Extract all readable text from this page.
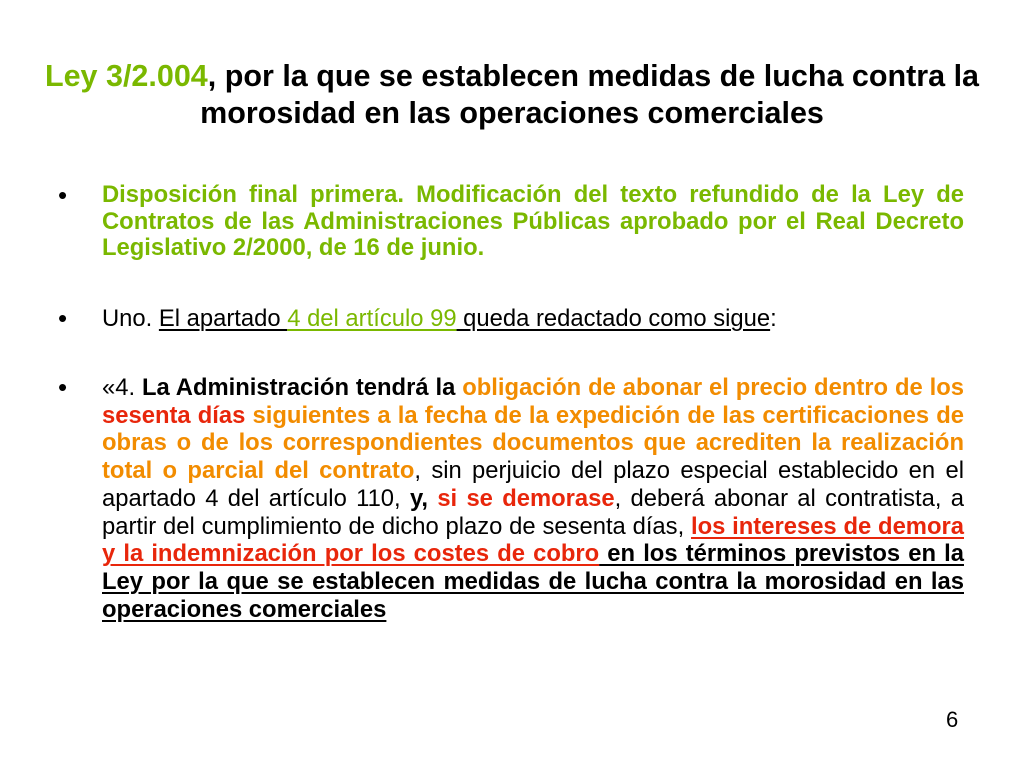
Ley 3/2.004, por la que se establecen medidas de lucha contra la morosidad en las operaciones comerciales
• Disposición final primera. Modificación del texto refundido de la Ley de Contratos de las Administraciones Públicas aprobado por el Real Decreto Legislativo 2/2000, de 16 de junio.
• Uno. El apartado 4 del artículo 99 queda redactado como sigue:
• «4. La Administración tendrá la obligación de abonar el precio dentro de los sesenta días siguientes a la fecha de la expedición de las certificaciones de obras o de los correspondientes documentos que acrediten la realización total o parcial del contrato, sin perjuicio del plazo especial establecido en el apartado 4 del artículo 110, y, si se demorase, deberá abonar al contratista, a partir del cumplimiento de dicho plazo de sesenta días, los intereses de demora y la indemnización por los costes de cobro en los términos previstos en la Ley por la que se establecen medidas de lucha contra la morosidad en las operaciones comerciales
6
